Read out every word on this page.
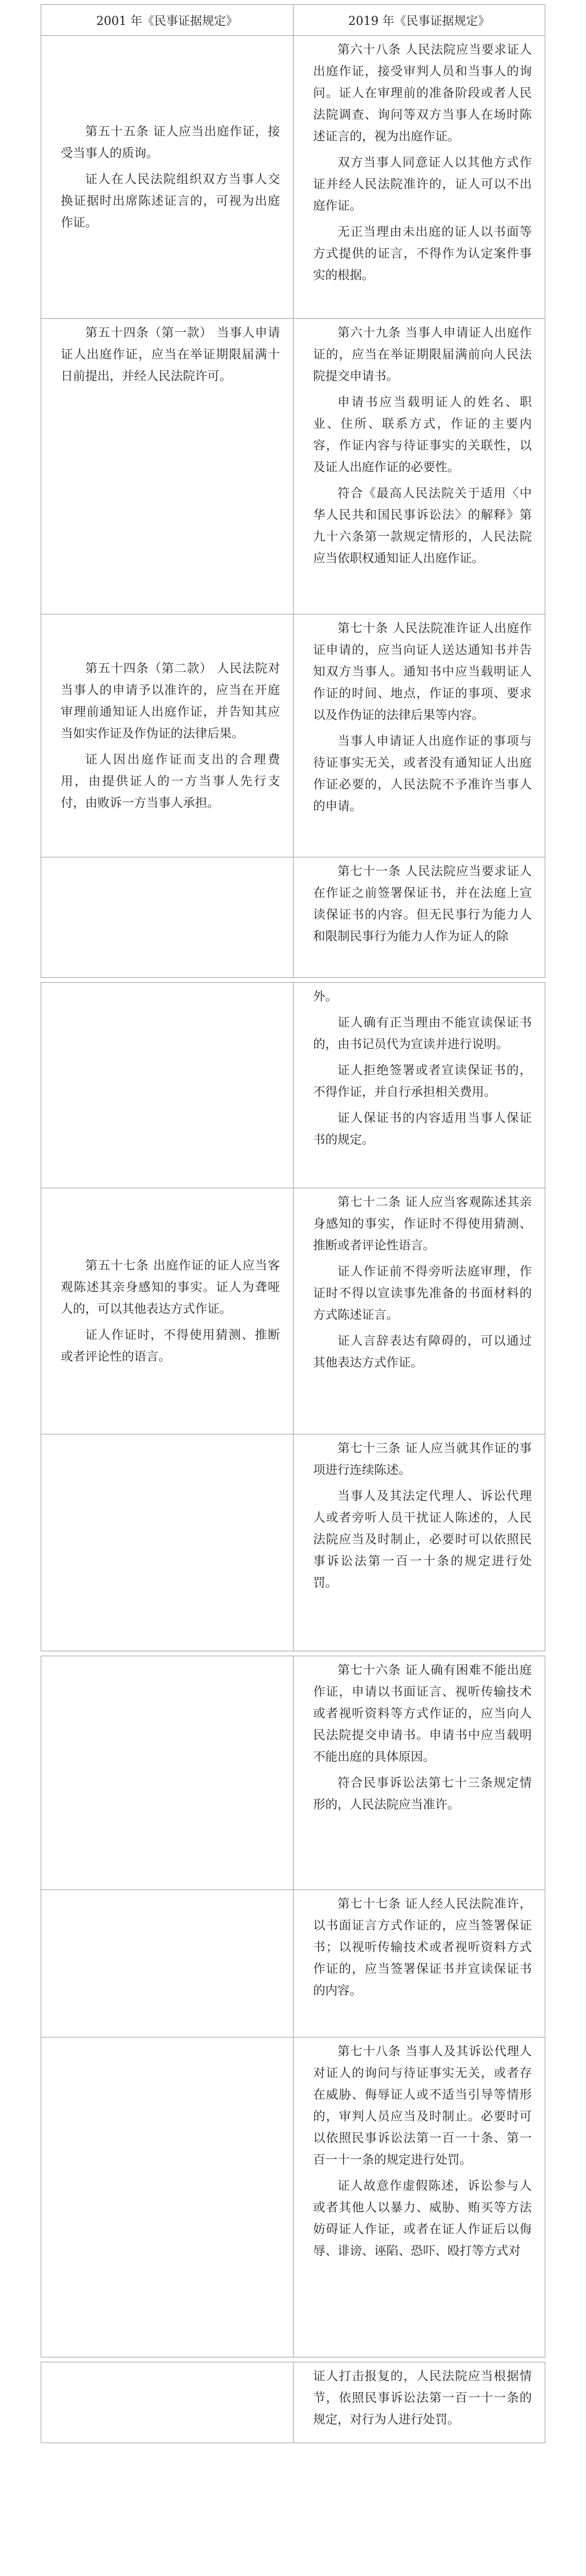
2001 年《民事证据规定》	2019 年《民事证据规定》

第五十五条 证人应当出庭作证，接受当事人的质询。

证人在人民法院组织双方当事人交换证据时出席陈述证言的，可视为出庭作证。

第六十八条 人民法院应当要求证人出庭作证，接受审判人员和当事人的询问。证人在审理前的准备阶段或者人民法院调查、询问等双方当事人在场时陈述证言的，视为出庭作证。

双方当事人同意证人以其他方式作证并经人民法院准许的，证人可以不出庭作证。

无正当理由未出庭的证人以书面等方式提供的证言，不得作为认定案件事实的根据。

第五十四条（第一款） 当事人申请证人出庭作证，应当在举证期限届满十日前提出，并经人民法院许可。

第六十九条 当事人申请证人出庭作证的，应当在举证期限届满前向人民法院提交申请书。

申请书应当载明证人的姓名、职业、住所、联系方式，作证的主要内容，作证内容与待证事实的关联性，以及证人出庭作证的必要性。

符合《最高人民法院关于适用〈中华人民共和国民事诉讼法〉的解释》第九十六条第一款规定情形的，人民法院应当依职权通知证人出庭作证。

第五十四条（第二款） 人民法院对当事人的申请予以准许的，应当在开庭审理前通知证人出庭作证，并告知其应当如实作证及作伪证的法律后果。

证人因出庭作证而支出的合理费用，由提供证人的一方当事人先行支付，由败诉一方当事人承担。

第七十条 人民法院准许证人出庭作证申请的，应当向证人送达通知书并告知双方当事人。通知书中应当载明证人作证的时间、地点，作证的事项、要求以及作伪证的法律后果等内容。

当事人申请证人出庭作证的事项与待证事实无关，或者没有通知证人出庭作证必要的，人民法院不予准许当事人的申请。

第七十一条 人民法院应当要求证人在作证之前签署保证书，并在法庭上宣读保证书的内容。但无民事行为能力人和限制民事行为能力人作为证人的除

外。

证人确有正当理由不能宣读保证书的，由书记员代为宣读并进行说明。

证人拒绝签署或者宣读保证书的，不得作证，并自行承担相关费用。

证人保证书的内容适用当事人保证书的规定。

第五十七条 出庭作证的证人应当客观陈述其亲身感知的事实。证人为聋哑人的，可以其他表达方式作证。

证人作证时，不得使用猜测、推断或者评论性的语言。

第七十二条 证人应当客观陈述其亲身感知的事实，作证时不得使用猜测、推断或者评论性语言。

证人作证前不得旁听法庭审理，作证时不得以宣读事先准备的书面材料的方式陈述证言。

证人言辞表达有障碍的，可以通过其他表达方式作证。

第七十三条 证人应当就其作证的事项进行连续陈述。

当事人及其法定代理人、诉讼代理人或者旁听人员干扰证人陈述的，人民法院应当及时制止，必要时可以依照民事诉讼法第一百一十条的规定进行处罚。

第七十六条 证人确有困难不能出庭作证，申请以书面证言、视听传输技术或者视听资料等方式作证的，应当向人民法院提交申请书。申请书中应当载明不能出庭的具体原因。

符合民事诉讼法第七十三条规定情形的，人民法院应当准许。

第七十七条 证人经人民法院准许，以书面证言方式作证的，应当签署保证书；以视听传输技术或者视听资料方式作证的，应当签署保证书并宣读保证书的内容。

第七十八条 当事人及其诉讼代理人对证人的询问与待证事实无关，或者存在威胁、侮辱证人或不适当引导等情形的，审判人员应当及时制止。必要时可以依照民事诉讼法第一百一十条、第一百一十一条的规定进行处罚。

证人故意作虚假陈述，诉讼参与人或者其他人以暴力、威胁、贿买等方法妨碍证人作证，或者在证人作证后以侮辱、诽谤、诬陷、恐吓、殴打等方式对

证人打击报复的，人民法院应当根据情节，依照民事诉讼法第一百一十一条的规定，对行为人进行处罚。
